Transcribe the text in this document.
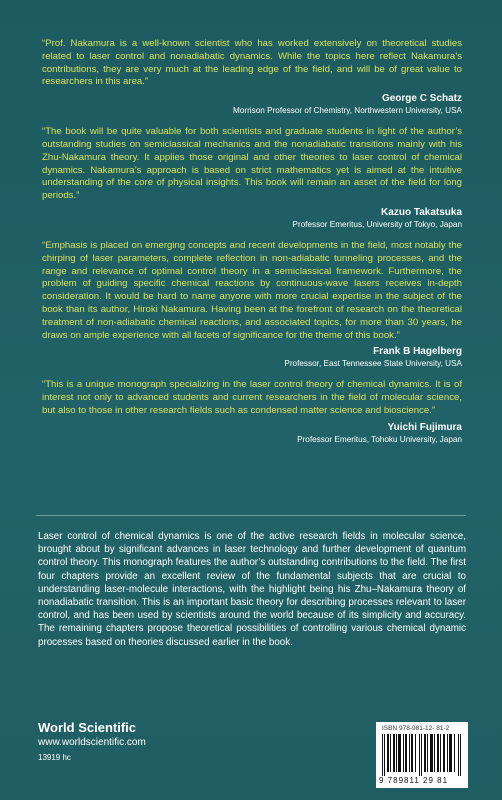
“Prof. Nakamura is a well-known scientist who has worked extensively on theoretical studies related to laser control and nonadiabatic dynamics. While the topics here reflect Nakamura’s contributions, they are very much at the leading edge of the field, and will be of great value to researchers in this area.”

George C Schatz
Morrison Professor of Chemistry, Northwestern University, USA

“The book will be quite valuable for both scientists and graduate students in light of the author’s outstanding studies on semiclassical mechanics and the nonadiabatic transitions mainly with his Zhu-Nakamura theory. It applies those original and other theories to laser control of chemical dynamics. Nakamura’s approach is based on strict mathematics yet is aimed at the intuitive understanding of the core of physical insights. This book will remain an asset of the field for long periods.”

Kazuo Takatsuka
Professor Emeritus, University of Tokyo, Japan

“Emphasis is placed on emerging concepts and recent developments in the field, most notably the chirping of laser parameters, complete reflection in non-adiabatic tunneling processes, and the range and relevance of optimal control theory in a semiclassical framework. Furthermore, the problem of guiding specific chemical reactions by continuous-wave lasers receives in-depth consideration. It would be hard to name anyone with more crucial expertise in the subject of the book than its author, Hiroki Nakamura. Having been at the forefront of research on the theoretical treatment of non-adiabatic chemical reactions, and associated topics, for more than 30 years, he draws on ample experience with all facets of significance for the theme of this book.”

Frank B Hagelberg
Professor, East Tennessee State University, USA

“This is a unique monograph specializing in the laser control theory of chemical dynamics. It is of interest not only to advanced students and current researchers in the field of molecular science, but also to those in other research fields such as condensed matter science and bioscience.”

Yuichi Fujimura
Professor Emeritus, Tohoku University, Japan

Laser control of chemical dynamics is one of the active research fields in molecular science, brought about by significant advances in laser technology and further development of quantum control theory. This monograph features the author’s outstanding contributions to the field. The first four chapters provide an excellent review of the fundamental subjects that are crucial to understanding laser-molecule interactions, with the highlight being his Zhu–Nakamura theory of nonadiabatic transition. This is an important basic theory for describing processes relevant to laser control, and has been used by scientists around the world because of its simplicity and accuracy. The remaining chapters propose theoretical possibilities of controlling various chemical dynamic processes based on theories discussed earlier in the book.

World Scientific
www.worldscientific.com
13919 hc
ISBN 978-981-12- 81-2
9 789811 29 81
